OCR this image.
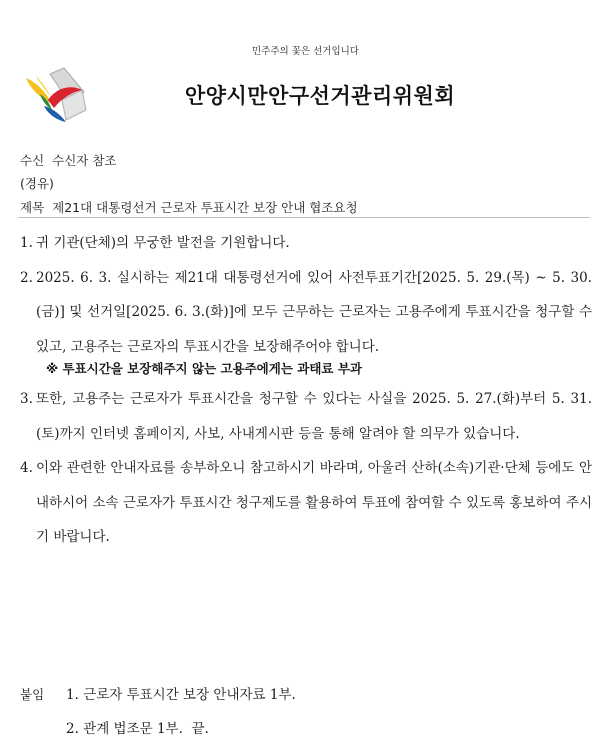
민주주의 꽃은 선거입니다
안양시만안구선거관리위원회
수신 수신자 참조
(경유)
제목 제21대 대통령선거 근로자 투표시간 보장 안내 협조요청
1. 귀 기관(단체)의 무궁한 발전을 기원합니다.
2. 2025. 6. 3. 실시하는 제21대 대통령선거에 있어 사전투표기간[2025. 5. 29.(목) ~ 5. 30.(금)] 및 선거일[2025. 6. 3.(화)]에 모두 근무하는 근로자는 고용주에게 투표시간을 청구할 수 있고, 고용주는 근로자의 투표시간을 보장해주어야 합니다.
※ 투표시간을 보장해주지 않는 고용주에게는 과태료 부과
3. 또한, 고용주는 근로자가 투표시간을 청구할 수 있다는 사실을 2025. 5. 27.(화)부터 5. 31.(토)까지 인터넷 홈페이지, 사보, 사내게시판 등을 통해 알려야 할 의무가 있습니다.
4. 이와 관련한 안내자료를 송부하오니 참고하시기 바라며, 아울러 산하(소속)기관·단체 등에도 안내하시어 소속 근로자가 투표시간 청구제도를 활용하여 투표에 참여할 수 있도록 홍보하여 주시기 바랍니다.
붙임 1. 근로자 투표시간 보장 안내자료 1부.
2. 관계 법조문 1부. 끝.
